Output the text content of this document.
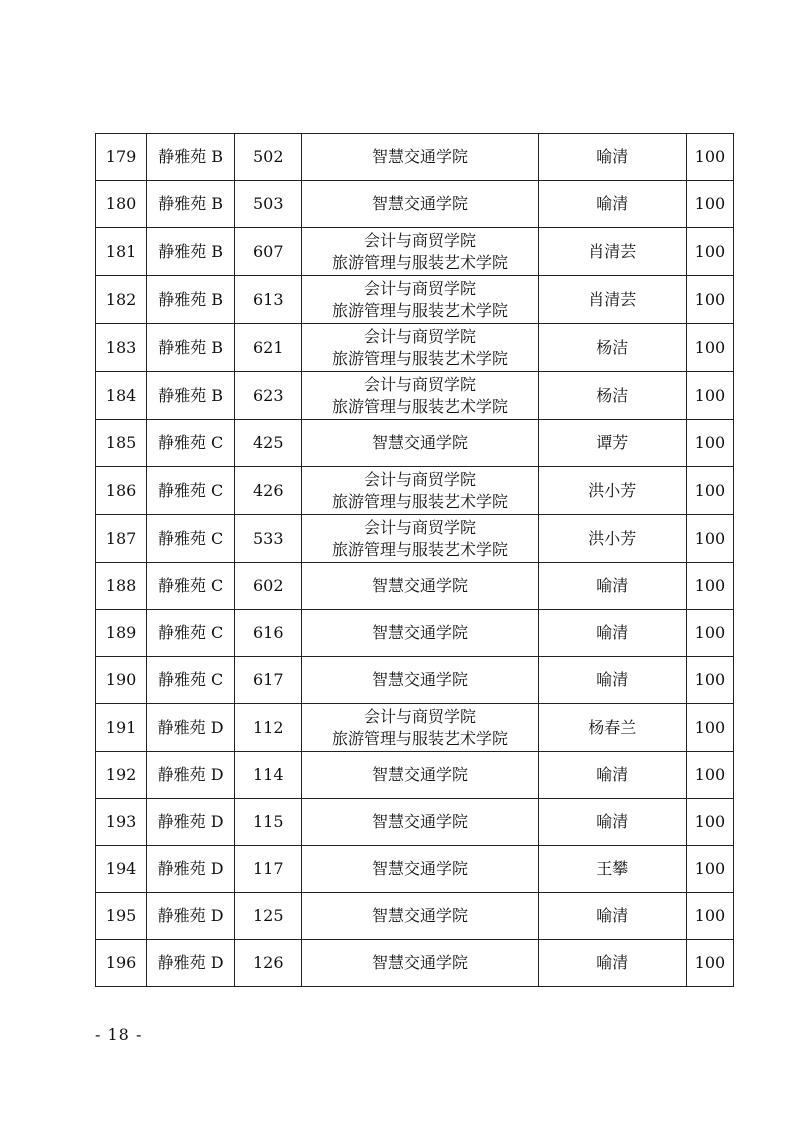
179	静雅苑 B	502	智慧交通学院	喻清	100
180	静雅苑 B	503	智慧交通学院	喻清	100
181	静雅苑 B	607	会计与商贸学院
旅游管理与服装艺术学院	肖清芸	100
182	静雅苑 B	613	会计与商贸学院
旅游管理与服装艺术学院	肖清芸	100
183	静雅苑 B	621	会计与商贸学院
旅游管理与服装艺术学院	杨洁	100
184	静雅苑 B	623	会计与商贸学院
旅游管理与服装艺术学院	杨洁	100
185	静雅苑 C	425	智慧交通学院	谭芳	100
186	静雅苑 C	426	会计与商贸学院
旅游管理与服装艺术学院	洪小芳	100
187	静雅苑 C	533	会计与商贸学院
旅游管理与服装艺术学院	洪小芳	100
188	静雅苑 C	602	智慧交通学院	喻清	100
189	静雅苑 C	616	智慧交通学院	喻清	100
190	静雅苑 C	617	智慧交通学院	喻清	100
191	静雅苑 D	112	会计与商贸学院
旅游管理与服装艺术学院	杨春兰	100
192	静雅苑 D	114	智慧交通学院	喻清	100
193	静雅苑 D	115	智慧交通学院	喻清	100
194	静雅苑 D	117	智慧交通学院	王攀	100
195	静雅苑 D	125	智慧交通学院	喻清	100
196	静雅苑 D	126	智慧交通学院	喻清	100
- 18 -
